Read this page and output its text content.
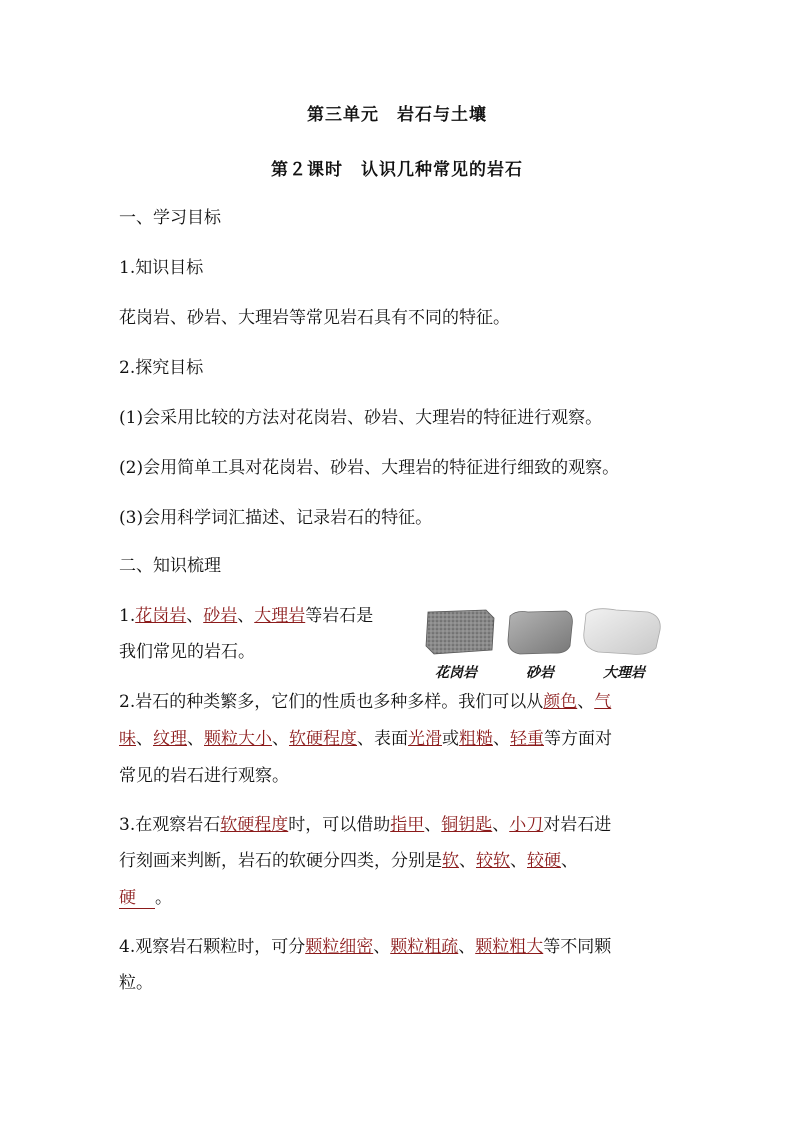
第三单元　岩石与土壤
第２课时　认识几种常见的岩石
一、学习目标
1.知识目标
花岗岩、砂岩、大理岩等常见岩石具有不同的特征。
2.探究目标
(1)会采用比较的方法对花岗岩、砂岩、大理岩的特征进行观察。
(2)会用简单工具对花岗岩、砂岩、大理岩的特征进行细致的观察。
(3)会用科学词汇描述、记录岩石的特征。
二、知识梳理
1.花岗岩、砂岩、大理岩等岩石是
我们常见的岩石。
花岗岩	砂岩	大理岩
2.岩石的种类繁多，它们的性质也多种多样。我们可以从颜色、气
味、纹理、颗粒大小、软硬程度、表面光滑或粗糙、轻重等方面对
常见的岩石进行观察。
3.在观察岩石软硬程度时，可以借助指甲、铜钥匙、小刀对岩石进
行刻画来判断，岩石的软硬分四类，分别是软、较软、较硬、
硬 。
4.观察岩石颗粒时，可分颗粒细密、颗粒粗疏、颗粒粗大等不同颗
粒。
